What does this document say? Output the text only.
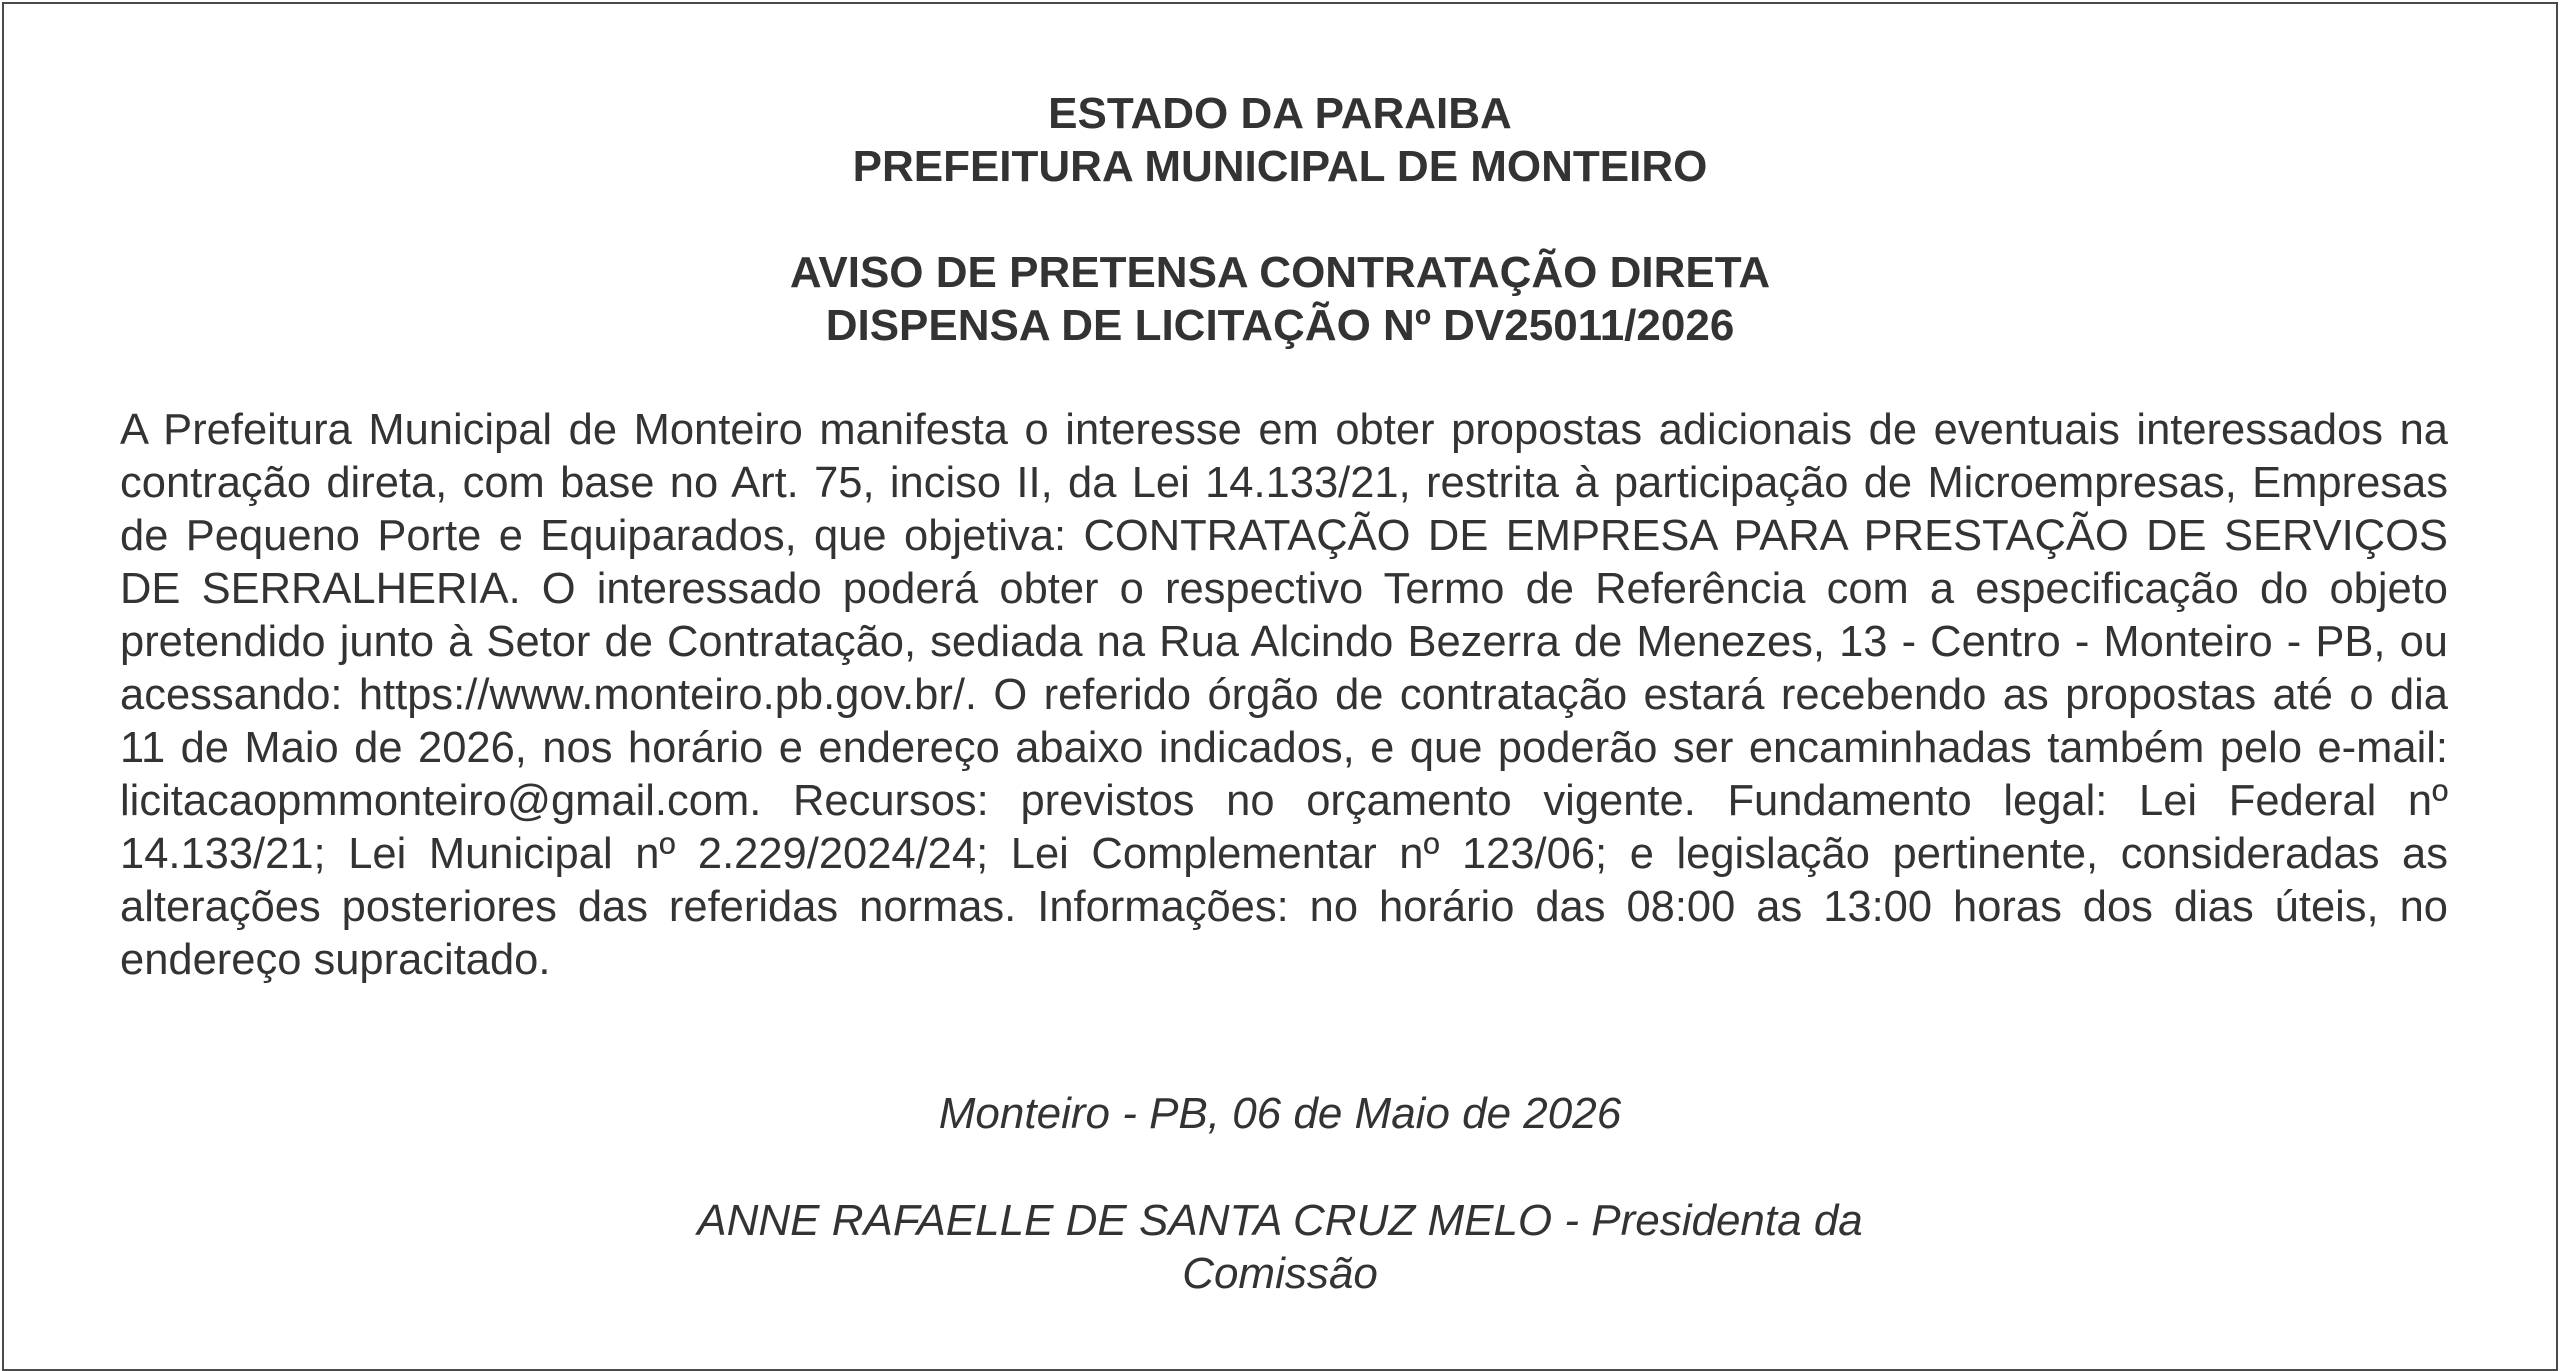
ESTADO DA PARAIBA
PREFEITURA MUNICIPAL DE MONTEIRO
AVISO DE PRETENSA CONTRATAÇÃO DIRETA
DISPENSA DE LICITAÇÃO Nº DV25011/2026

A Prefeitura Municipal de Monteiro manifesta o interesse em obter propostas adicionais de eventuais interessados na contração direta, com base no Art. 75, inciso II, da Lei 14.133/21, restrita à participação de Microempresas, Empresas de Pequeno Porte e Equiparados, que objetiva: CONTRATAÇÃO DE EMPRESA PARA PRESTAÇÃO DE SERVIÇOS DE SERRALHERIA. O interessado poderá obter o respectivo Termo de Referência com a especificação do objeto pretendido junto à Setor de Contratação, sediada na Rua Alcindo Bezerra de Menezes, 13 - Centro - Monteiro - PB, ou acessando: https://www.monteiro.pb.gov.br/. O referido órgão de contratação estará recebendo as propostas até o dia 11 de Maio de 2026, nos horário e endereço abaixo indicados, e que poderão ser encaminhadas também pelo e-mail: licitacaopmmonteiro@gmail.com. Recursos: previstos no orçamento vigente. Fundamento legal: Lei Federal nº 14.133/21; Lei Municipal nº 2.229/2024/24; Lei Complementar nº 123/06; e legislação pertinente, consideradas as alterações posteriores das referidas normas. Informações: no horário das 08:00 as 13:00 horas dos dias úteis, no endereço supracitado.

Monteiro - PB, 06 de Maio de 2026
ANNE RAFAELLE DE SANTA CRUZ MELO - Presidenta da
Comissão
